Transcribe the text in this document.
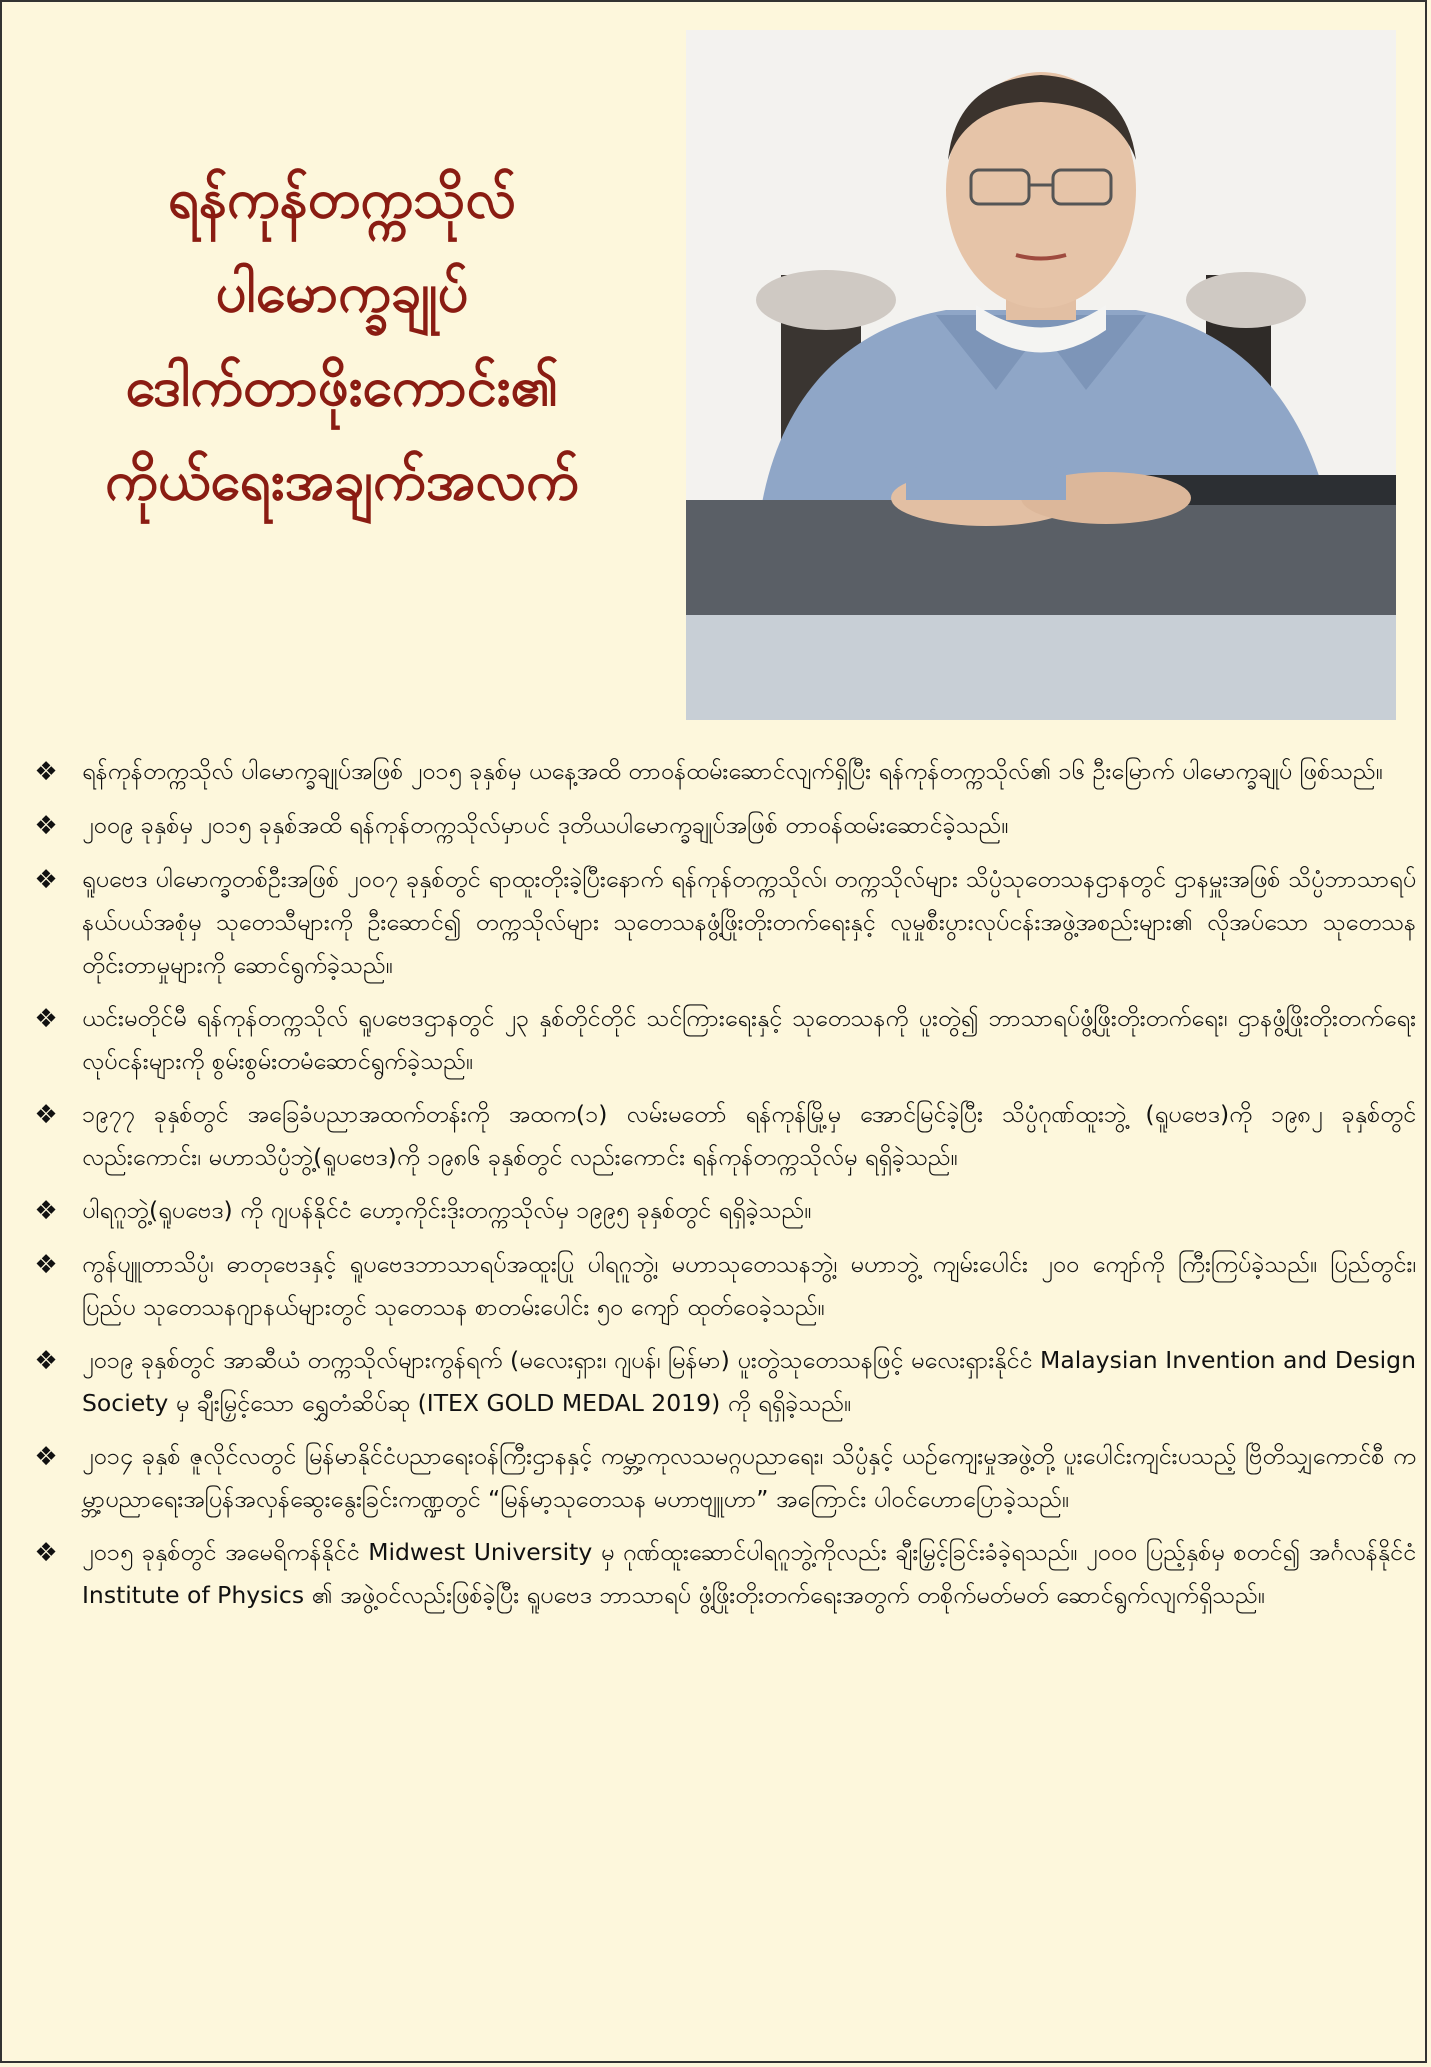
ရန်ကုန်တက္ကသိုလ်
ပါမောက္ခချုပ်
ဒေါက်တာဖိုးကောင်း၏
ကိုယ်ရေးအချက်အလက်
❖	ရန်ကုန်တက္ကသိုလ် ပါမောက္ခချုပ်အဖြစ် ၂၀၁၅ ခုနှစ်မှ ယနေ့အထိ တာဝန်ထမ်းဆောင်လျက်ရှိပြီး ရန်ကုန်တက္ကသိုလ်၏ ၁၆ ဦးမြောက် ပါမောက္ခချုပ် ဖြစ်သည်။
❖	၂၀၀၉ ခုနှစ်မှ ၂၀၁၅ ခုနှစ်အထိ ရန်ကုန်တက္ကသိုလ်မှာပင် ဒုတိယပါမောက္ခချုပ်အဖြစ် တာဝန်ထမ်းဆောင်ခဲ့သည်။
❖	ရူပဗေဒ ပါမောက္ခတစ်ဦးအဖြစ် ၂၀၀၇ ခုနှစ်တွင် ရာထူးတိုးခဲ့ပြီးနောက် ရန်ကုန်တက္ကသိုလ်၊ တက္ကသိုလ်များ သိပ္ပံသုတေသနဌာနတွင် ဌာနမှူးအဖြစ် သိပ္ပံဘာသာရပ် နယ်ပယ်အစုံမှ သုတေသီများကို ဦးဆောင်၍ တက္ကသိုလ်များ သုတေသနဖွံ့ဖြိုးတိုးတက်ရေးနှင့် လူမှုစီးပွားလုပ်ငန်းအဖွဲ့အစည်းများ၏ လိုအပ်သော သုတေသနတိုင်းတာမှုများကို ဆောင်ရွက်ခဲ့သည်။
❖	ယင်းမတိုင်မီ ရန်ကုန်တက္ကသိုလ် ရူပဗေဒဌာနတွင် ၂၃ နှစ်တိုင်တိုင် သင်ကြားရေးနှင့် သုတေသနကို ပူးတွဲ၍ ဘာသာရပ်ဖွံ့ဖြိုးတိုးတက်ရေး၊ ဌာနဖွံ့ဖြိုးတိုးတက်ရေးလုပ်ငန်းများကို စွမ်းစွမ်းတမံဆောင်ရွက်ခဲ့သည်။
❖	၁၉၇၇ ခုနှစ်တွင် အခြေခံပညာအထက်တန်းကို အထက(၁) လမ်းမတော် ရန်ကုန်မြို့မှ အောင်မြင်ခဲ့ပြီး သိပ္ပံဂုဏ်ထူးဘွဲ့ (ရူပဗေဒ)ကို ၁၉၈၂ ခုနှစ်တွင် လည်းကောင်း၊ မဟာသိပ္ပံဘွဲ့(ရူပဗေဒ)ကို ၁၉၈၆ ခုနှစ်တွင် လည်းကောင်း ရန်ကုန်တက္ကသိုလ်မှ ရရှိခဲ့သည်။
❖	ပါရဂူဘွဲ့(ရူပဗေဒ) ကို ဂျပန်နိုင်ငံ ဟော့ကိုင်းဒိုးတက္ကသိုလ်မှ ၁၉၉၅ ခုနှစ်တွင် ရရှိခဲ့သည်။
❖	ကွန်ပျူတာသိပ္ပံ၊ ဓာတုဗေဒနှင့် ရူပဗေဒဘာသာရပ်အထူးပြု ပါရဂူဘွဲ့၊ မဟာသုတေသနဘွဲ့၊ မဟာဘွဲ့ ကျမ်းပေါင်း ၂၀၀ ကျော်ကို ကြီးကြပ်ခဲ့သည်။ ပြည်တွင်း၊ ပြည်ပ သုတေသနဂျာနယ်များတွင် သုတေသန စာတမ်းပေါင်း ၅၀ ကျော် ထုတ်ဝေခဲ့သည်။
❖	၂၀၁၉ ခုနှစ်တွင် အာဆီယံ တက္ကသိုလ်များကွန်ရက် (မလေးရှား၊ ဂျပန်၊ မြန်မာ) ပူးတွဲသုတေသနဖြင့် မလေးရှားနိုင်ငံ Malaysian Invention and Design Society မှ ချီးမြှင့်သော ရွှေတံဆိပ်ဆု (ITEX GOLD MEDAL 2019) ကို ရရှိခဲ့သည်။
❖	၂၀၁၄ ခုနှစ် ဇူလိုင်လတွင် မြန်မာနိုင်ငံပညာရေးဝန်ကြီးဌာနနှင့် ကမ္ဘာ့ကုလသမဂ္ဂပညာရေး၊ သိပ္ပံနှင့် ယဉ်ကျေးမှုအဖွဲ့တို့ ပူးပေါင်းကျင်းပသည့် ဗြိတိသျှကောင်စီ ကမ္ဘာ့ပညာရေးအပြန်အလှန်ဆွေးနွေးခြင်းကဏ္ဍတွင် “မြန်မာ့သုတေသန မဟာဗျူဟာ” အကြောင်း ပါဝင်ဟောပြောခဲ့သည်။
❖	၂၀၁၅ ခုနှစ်တွင် အမေရိကန်နိုင်ငံ Midwest University မှ ဂုဏ်ထူးဆောင်ပါရဂူဘွဲ့ကိုလည်း ချီးမြှင့်ခြင်းခံခဲ့ရသည်။ ၂၀၀၀ ပြည့်နှစ်မှ စတင်၍ အင်္ဂလန်နိုင်ငံ Institute of Physics ၏ အဖွဲ့ဝင်လည်းဖြစ်ခဲ့ပြီး ရူပဗေဒ ဘာသာရပ် ဖွံ့ဖြိုးတိုးတက်ရေးအတွက် တစိုက်မတ်မတ် ဆောင်ရွက်လျက်ရှိသည်။
